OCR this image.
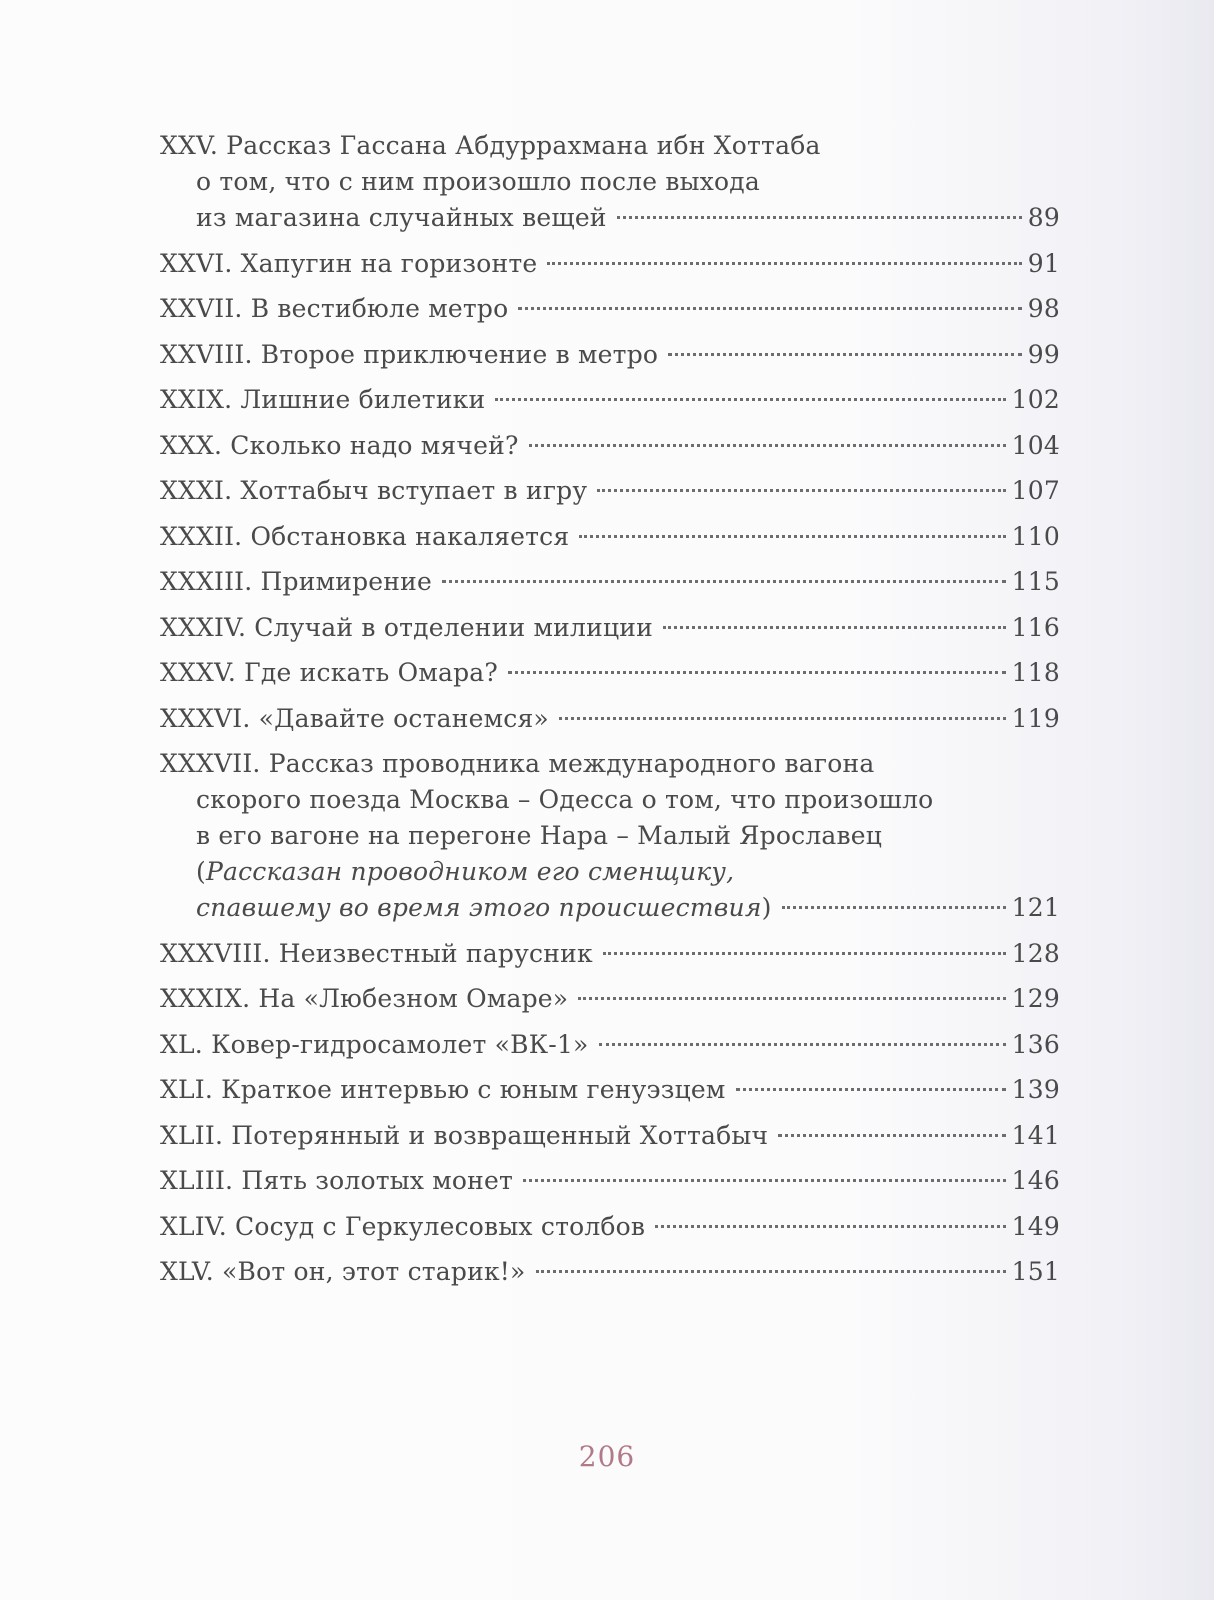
XXV. Рассказ Гассана Абдуррахмана ибн Хоттаба
о том, что с ним произошло после выхода
из магазина случайных вещей	89
XXVI. Хапугин на горизонте	91
XXVII. В вестибюле метро	98
XXVIII. Второе приключение в метро	99
XXIX. Лишние билетики	102
XXX. Сколько надо мячей?	104
XXXI. Хоттабыч вступает в игру	107
XXXII. Обстановка накаляется	110
XXXIII. Примирение	115
XXXIV. Случай в отделении милиции	116
XXXV. Где искать Омара?	118
XXXVI. «Давайте останемся»	119
XXXVII. Рассказ проводника международного вагона
скорого поезда Москва – Одесса о том, что произошло
в его вагоне на перегоне Нара – Малый Ярославец
(Рассказан проводником его сменщику,
спавшему во время этого происшествия)	121
XXXVIII. Неизвестный парусник	128
XXXIX. На «Любезном Омаре»	129
XL. Ковер-гидросамолет «ВК-1»	136
XLI. Краткое интервью с юным генуэзцем	139
XLII. Потерянный и возвращенный Хоттабыч	141
XLIII. Пять золотых монет	146
XLIV. Сосуд с Геркулесовых столбов	149
XLV. «Вот он, этот старик!»	151
206
